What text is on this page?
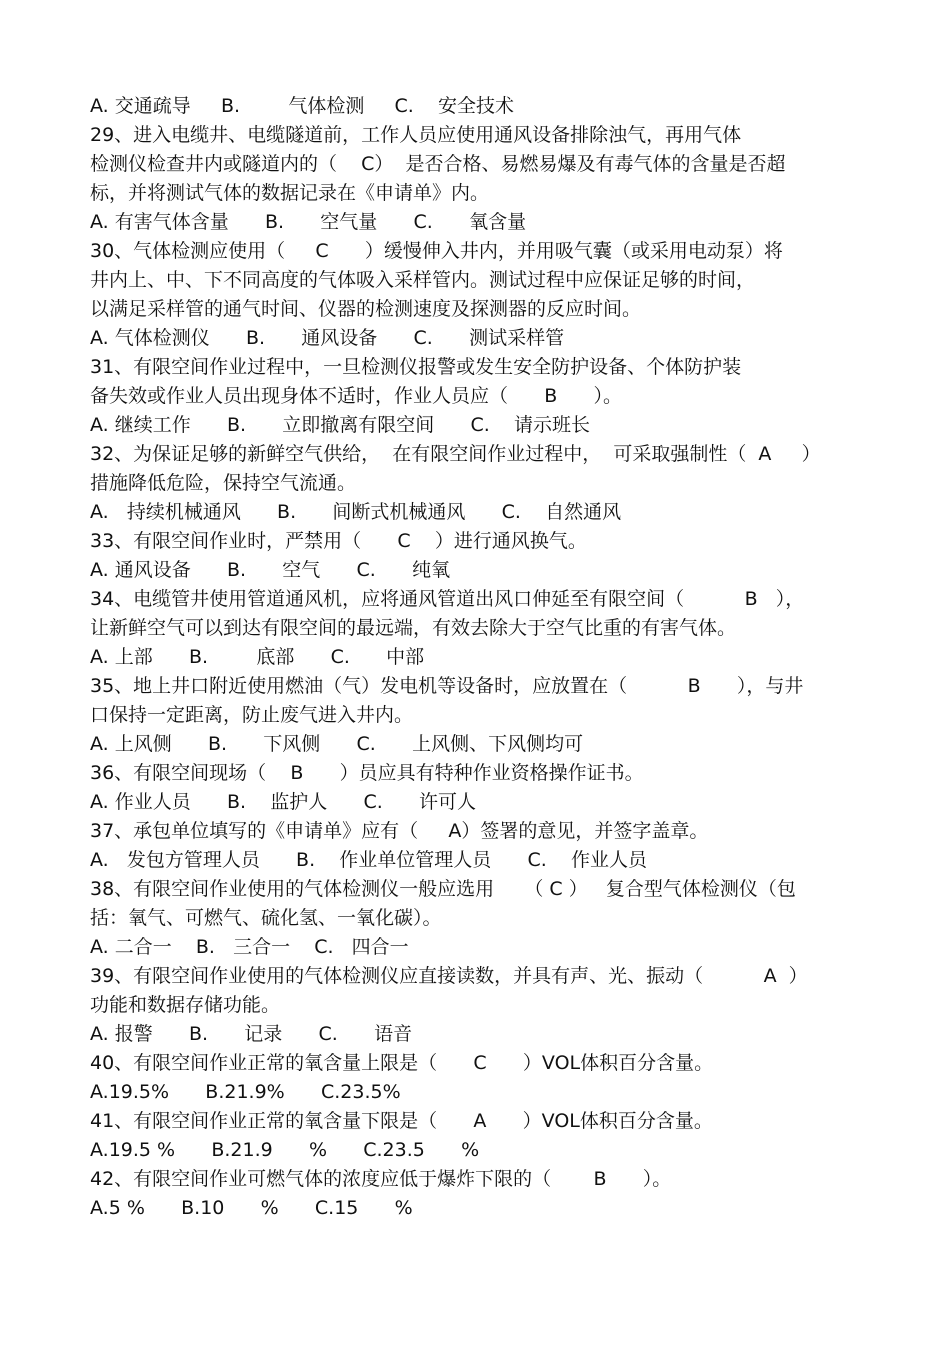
A. 交通疏导     B.        气体检测     C.    安全技术
29、进入电缆井、电缆隧道前，工作人员应使用通风设备排除浊气，再用气体
检测仪检查井内或隧道内的（    C）  是否合格、易燃易爆及有毒气体的含量是否超
标，并将测试气体的数据记录在《申请单》内。
A. 有害气体含量      B.      空气量      C.      氧含量
30、气体检测应使用（     C      ）缓慢伸入井内，并用吸气囊（或采用电动泵）将
井内上、中、下不同高度的气体吸入采样管内。测试过程中应保证足够的时间，
以满足采样管的通气时间、仪器的检测速度及探测器的反应时间。
A. 气体检测仪      B.      通风设备      C.      测试采样管
31、有限空间作业过程中，一旦检测仪报警或发生安全防护设备、个体防护装
备失效或作业人员出现身体不适时，作业人员应（      B      ）。
A. 继续工作      B.      立即撤离有限空间      C.    请示班长
32、为保证足够的新鲜空气供给，  在有限空间作业过程中，  可采取强制性（  A     ）
措施降低危险，保持空气流通。
A.   持续机械通风      B.      间断式机械通风      C.    自然通风
33、有限空间作业时，严禁用（      C    ）进行通风换气。
A. 通风设备      B.      空气      C.      纯氧
34、电缆管井使用管道通风机，应将通风管道出风口伸延至有限空间（          B   ），
让新鲜空气可以到达有限空间的最远端，有效去除大于空气比重的有害气体。
A. 上部      B.        底部      C.      中部
35、地上井口附近使用燃油（气）发电机等设备时，应放置在（          B      ），与井
口保持一定距离，防止废气进入井内。
A. 上风侧      B.      下风侧      C.      上风侧、下风侧均可
36、有限空间现场（    B      ）员应具有特种作业资格操作证书。
A. 作业人员      B.    监护人      C.      许可人
37、承包单位填写的《申请单》应有（     A）签署的意见，并签字盖章。
A.   发包方管理人员      B.    作业单位管理人员      C.    作业人员
38、有限空间作业使用的气体检测仪一般应选用     （ C ）   复合型气体检测仪（包
括：氧气、可燃气、硫化氢、一氧化碳）。
A. 二合一    B.   三合一    C.   四合一
39、有限空间作业使用的气体检测仪应直接读数，并具有声、光、振动（          A  ）
功能和数据存储功能。
A. 报警      B.      记录      C.      语音
40、有限空间作业正常的氧含量上限是（      C      ）VOL体积百分含量。
A.19.5%      B.21.9%      C.23.5%
41、有限空间作业正常的氧含量下限是（      A      ）VOL体积百分含量。
A.19.5 %      B.21.9      %      C.23.5      %
42、有限空间作业可燃气体的浓度应低于爆炸下限的（       B      ）。
A.5 %      B.10      %      C.15      %
